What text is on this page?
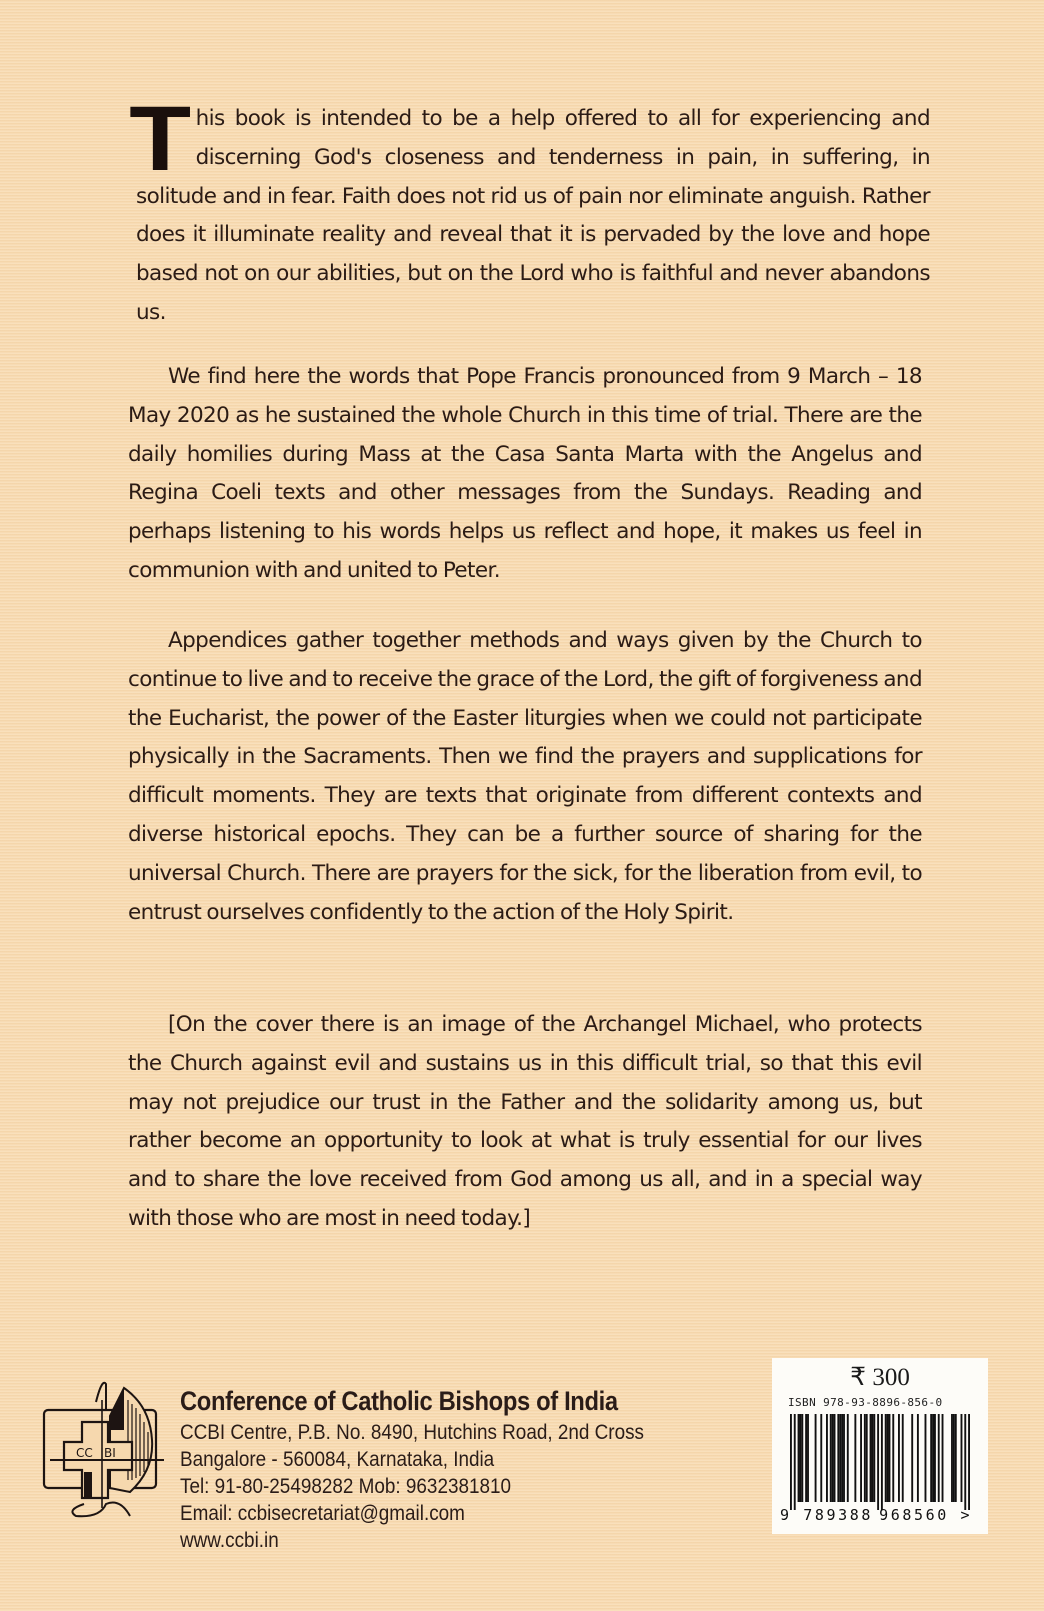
This book is intended to be a help offered to all for experiencing and discerning God's closeness and tenderness in pain, in suffering, in solitude and in fear. Faith does not rid us of pain nor eliminate anguish. Rather does it illuminate reality and reveal that it is pervaded by the love and hope based not on our abilities, but on the Lord who is faithful and never abandons us.

We find here the words that Pope Francis pronounced from 9 March – 18 May 2020 as he sustained the whole Church in this time of trial. There are the daily homilies during Mass at the Casa Santa Marta with the Angelus and Regina Coeli texts and other messages from the Sundays. Reading and perhaps listening to his words helps us reflect and hope, it makes us feel in communion with and united to Peter.

Appendices gather together methods and ways given by the Church to continue to live and to receive the grace of the Lord, the gift of forgiveness and the Eucharist, the power of the Easter liturgies when we could not participate physically in the Sacraments. Then we find the prayers and supplications for difficult moments. They are texts that originate from different contexts and diverse historical epochs. They can be a further source of sharing for the universal Church. There are prayers for the sick, for the liberation from evil, to entrust ourselves confidently to the action of the Holy Spirit.

[On the cover there is an image of the Archangel Michael, who protects the Church against evil and sustains us in this difficult trial, so that this evil may not prejudice our trust in the Father and the solidarity among us, but rather become an opportunity to look at what is truly essential for our lives and to share the love received from God among us all, and in a special way with those who are most in need today.]

CC BI
Conference of Catholic Bishops of India
CCBI Centre, P.B. No. 8490, Hutchins Road, 2nd Cross
Bangalore - 560084, Karnataka, India
Tel: 91-80-25498282 Mob: 9632381810
Email: ccbisecretariat@gmail.com
www.ccbi.in
₹ 300
ISBN 978-93-8896-856-0
9 789388 968560 >
